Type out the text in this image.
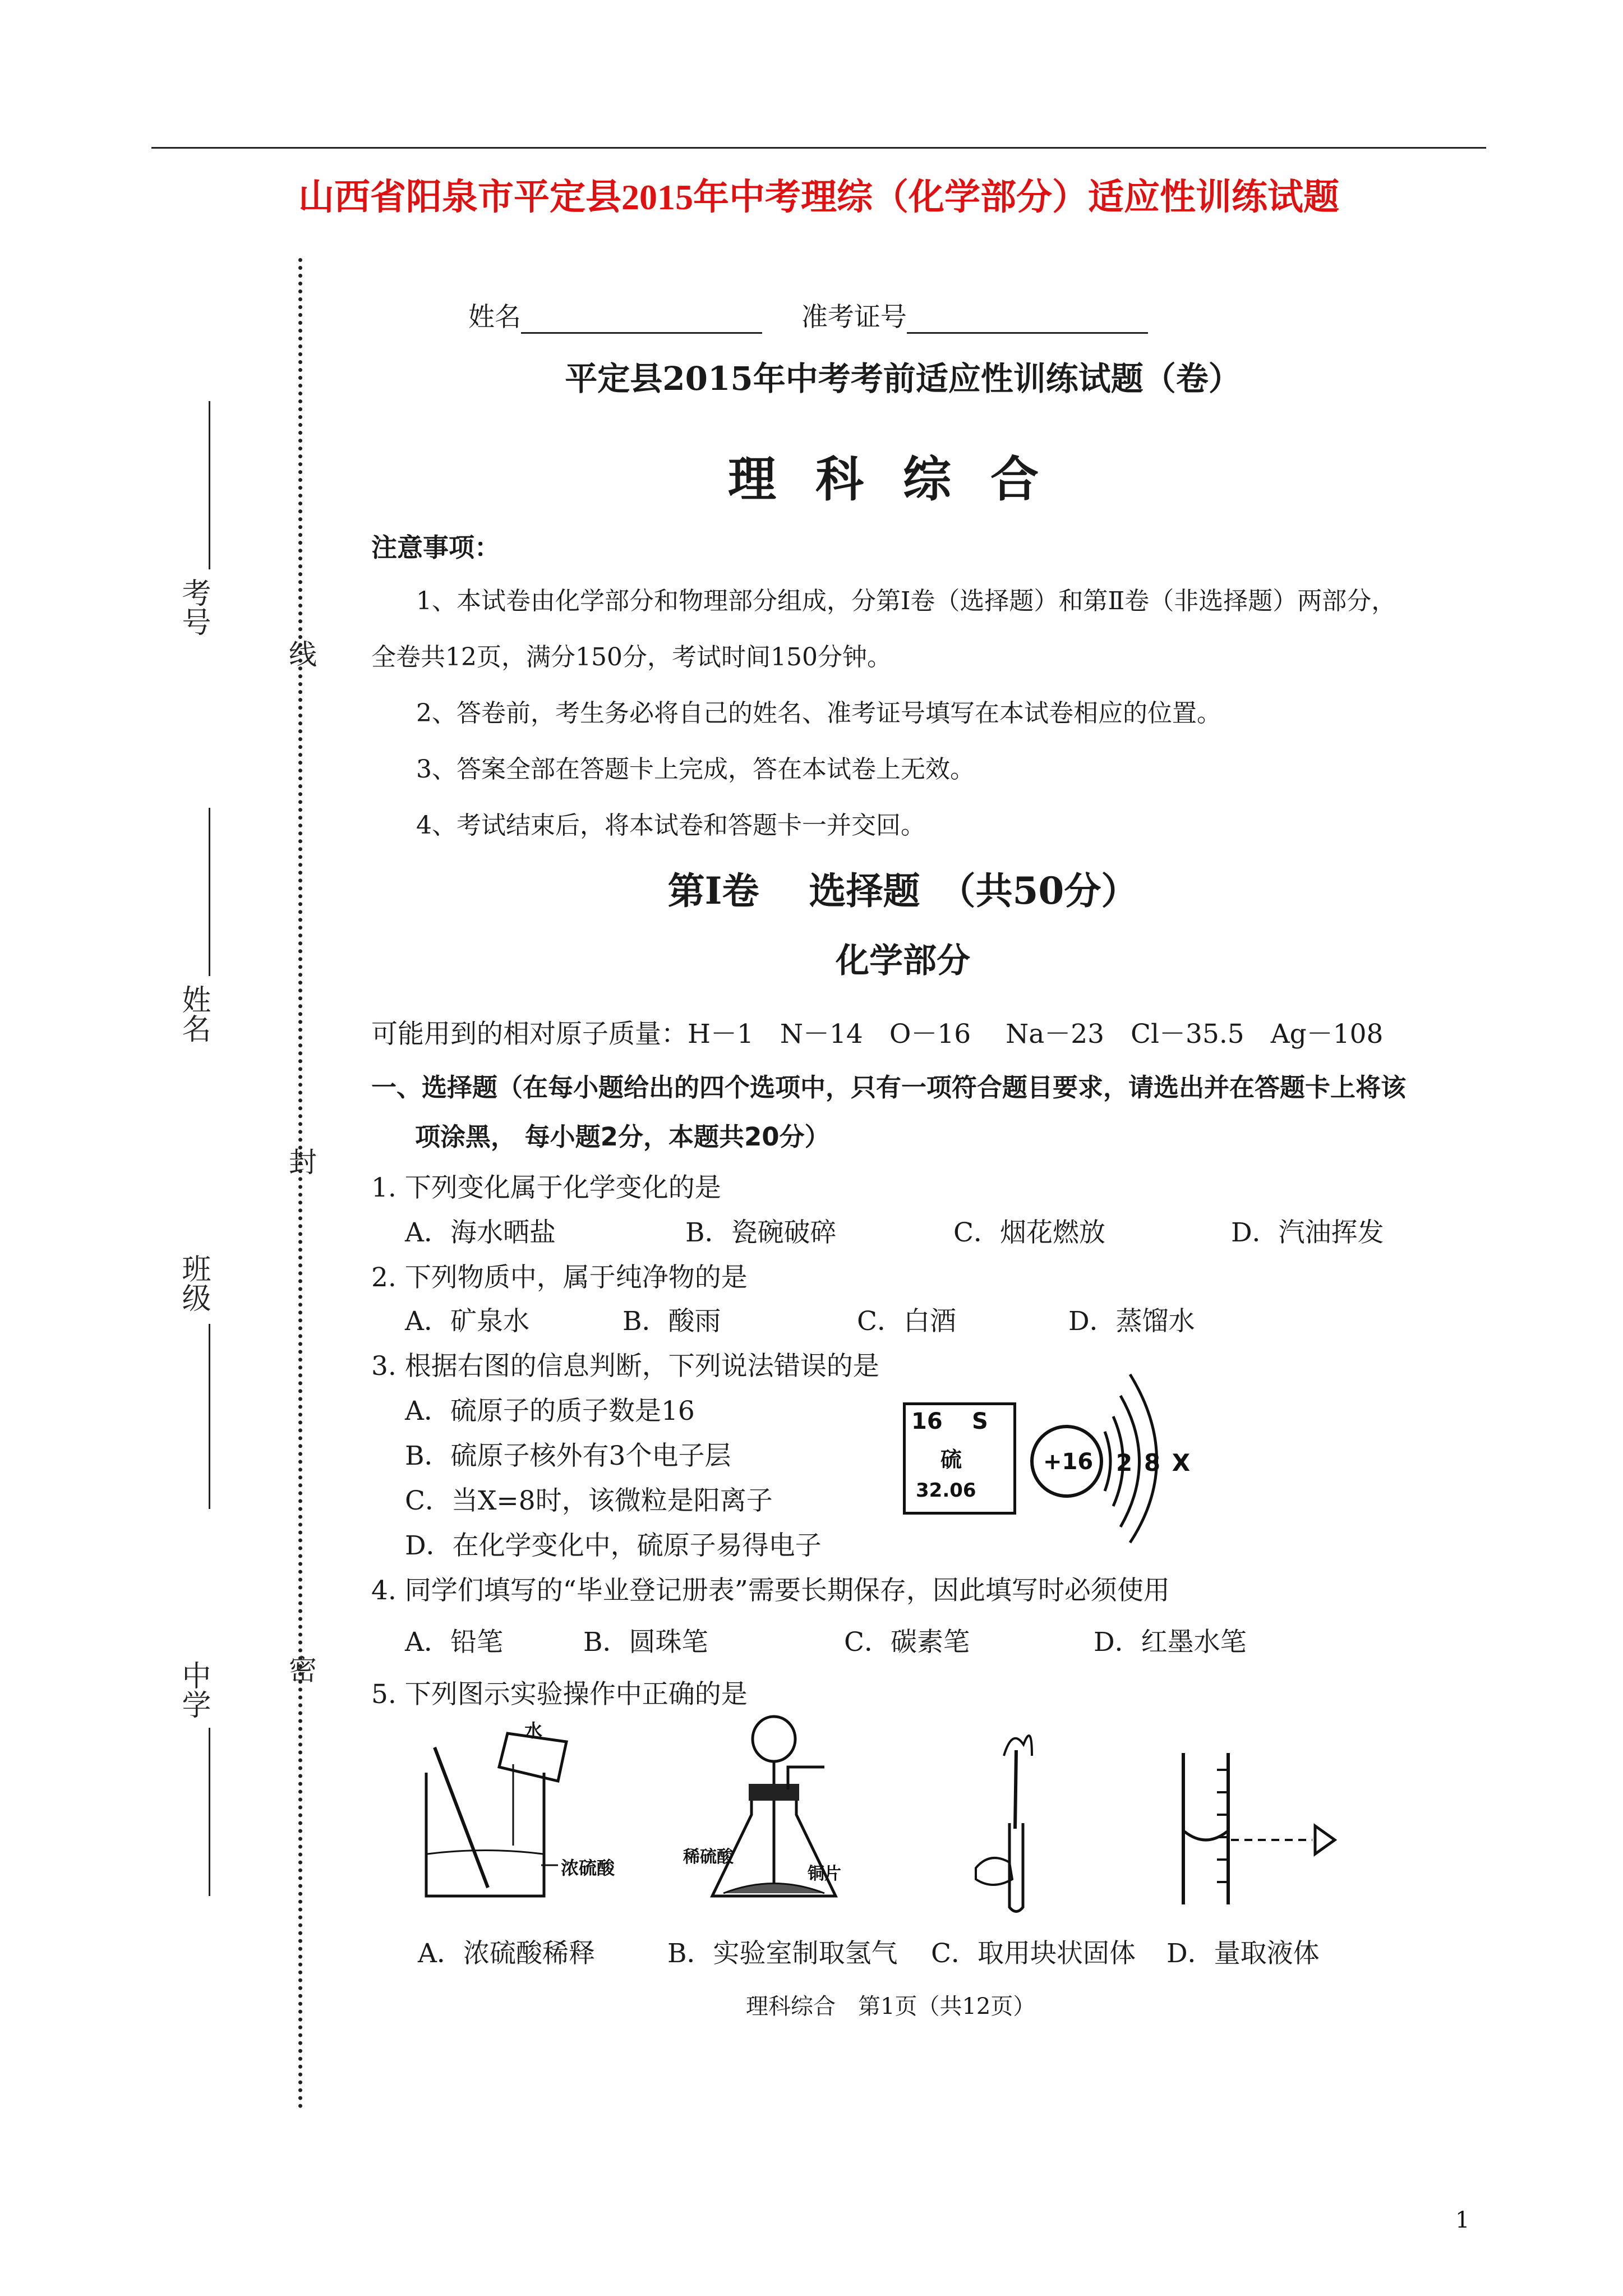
山西省阳泉市平定县2015年中考理综（化学部分）适应性训练试题
线
封
密
考号
姓名
班级
中学
姓名	准考证号
平定县2015年中考考前适应性训练试题（卷）
理科综合
注意事项：
1、本试卷由化学部分和物理部分组成，分第Ⅰ卷（选择题）和第Ⅱ卷（非选择题）两部分，
全卷共12页，满分150分，考试时间150分钟。
2、答卷前，考生务必将自己的姓名、准考证号填写在本试卷相应的位置。
3、答案全部在答题卡上完成，答在本试卷上无效。
4、考试结束后，将本试卷和答题卡一并交回。
第Ⅰ卷　 选择题　（共50分）
化学部分
可能用到的相对原子质量：H－1　N－14　O－16　 Na－23　Cl－35.5　Ag－108
一、选择题（在每小题给出的四个选项中，只有一项符合题目要求，请选出并在答题卡上将该
项涂黑， 每小题2分，本题共20分）
1. 下列变化属于化学变化的是
A．海水晒盐	B．瓷碗破碎	C．烟花燃放	D．汽油挥发
2. 下列物质中，属于纯净物的是
A．矿泉水	B．酸雨	C．白酒	D．蒸馏水
3. 根据右图的信息判断，下列说法错误的是
A．硫原子的质子数是16
B．硫原子核外有3个电子层
C．当X=8时，该微粒是阳离子
D．在化学变化中，硫原子易得电子
16 S
硫
32.06
+16 2 8 X
4. 同学们填写的“毕业登记册表”需要长期保存，因此填写时必须使用
A．铅笔	B．圆珠笔	C．碳素笔	D．红墨水笔
5. 下列图示实验操作中正确的是
水
浓硫酸
稀硫酸
铜片
A．浓硫酸稀释	B．实验室制取氢气 C．取用块状固体 D．量取液体
理科综合　第1页（共12页）
1
